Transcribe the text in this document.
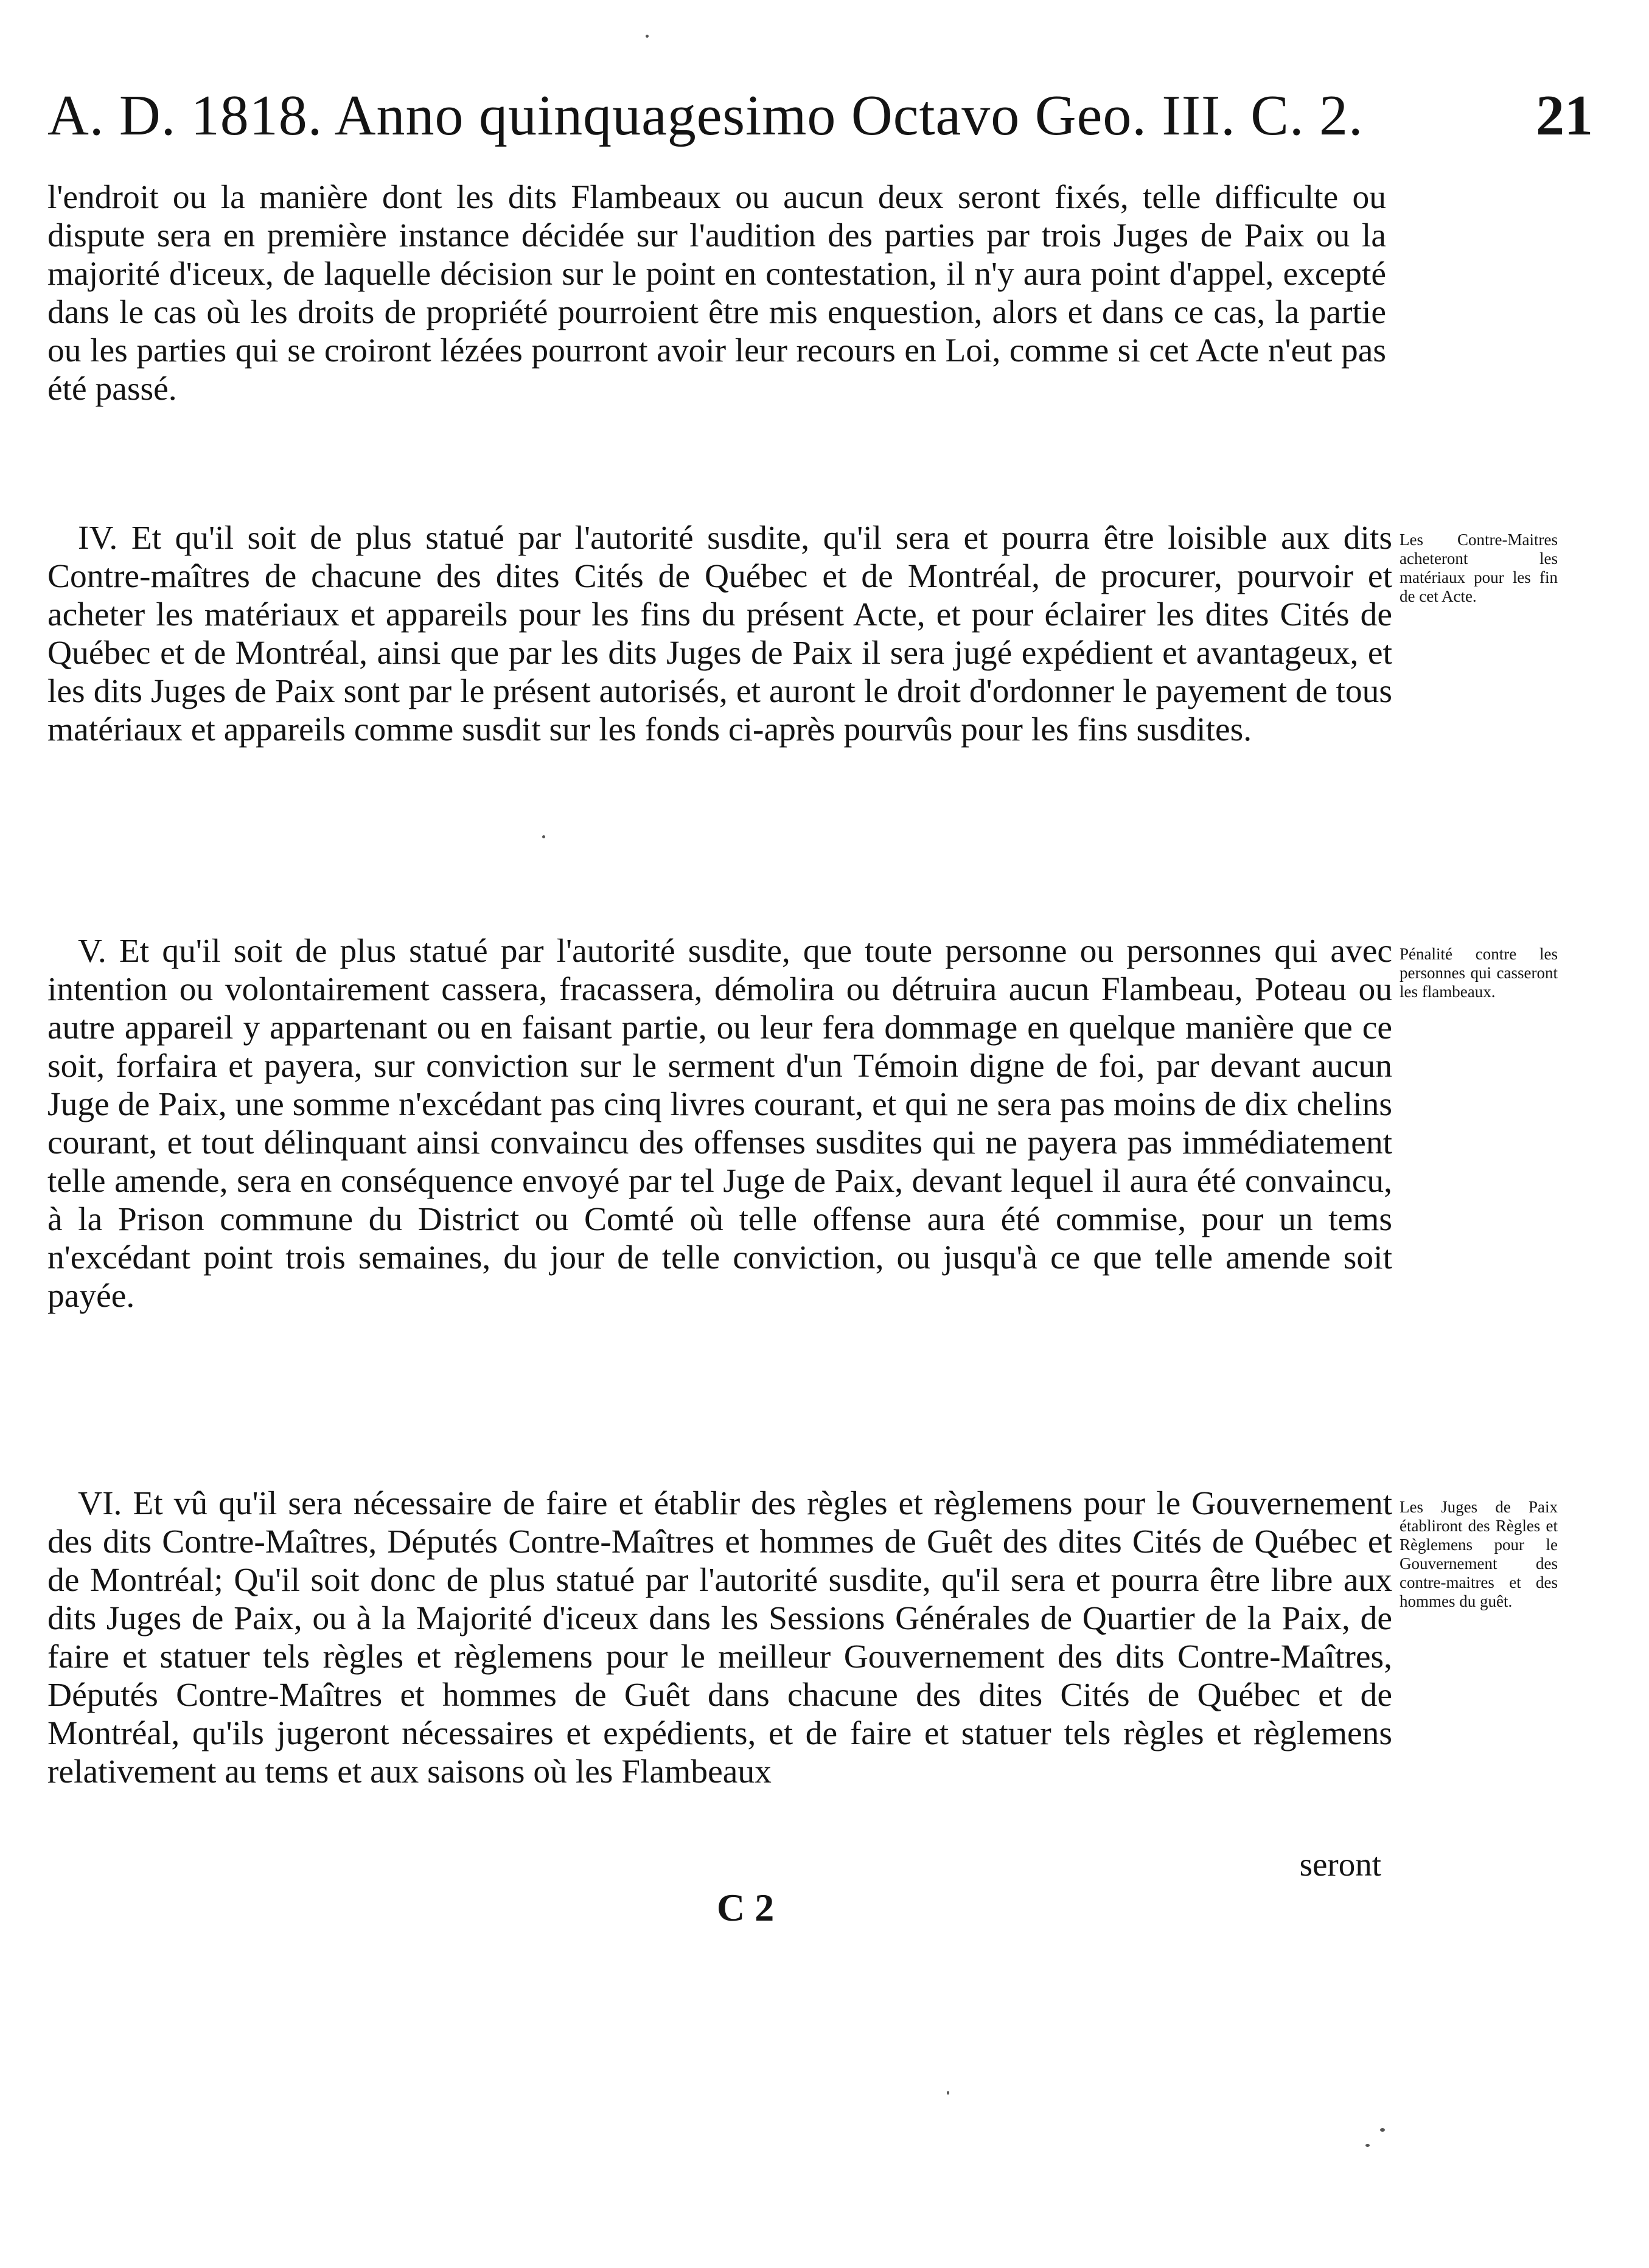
A. D. 1818. Anno quinquagesimo Octavo Geo. III. C. 2.	21
l'endroit ou la manière dont les dits Flambeaux ou aucun deux seront fixés, telle difficulte ou dispute sera en première instance décidée sur l'audition des parties par trois Juges de Paix ou la majorité d'iceux, de laquelle décision sur le point en contestation, il n'y aura point d'appel, excepté dans le cas où les droits de propriété pourroient être mis enquestion, alors et dans ce cas, la partie ou les parties qui se croiront lézées pourront avoir leur recours en Loi, comme si cet Acte n'eut pas été passé.
IV. Et qu'il soit de plus statué par l'autorité susdite, qu'il sera et pourra être loisible aux dits Contre-maîtres de chacune des dites Cités de Québec et de Montréal, de procurer, pourvoir et acheter les matériaux et appareils pour les fins du présent Acte, et pour éclairer les dites Cités de Québec et de Montréal, ainsi que par les dits Juges de Paix il sera jugé expédient et avantageux, et les dits Juges de Paix sont par le présent autorisés, et auront le droit d'ordonner le payement de tous matériaux et appareils comme susdit sur les fonds ci-après pourvûs pour les fins susdites.
Les Contre-Maitres acheteront les matériaux pour les fin de cet Acte.
V. Et qu'il soit de plus statué par l'autorité susdite, que toute personne ou personnes qui avec intention ou volontairement cassera, fracassera, démolira ou détruira aucun Flambeau, Poteau ou autre appareil y appartenant ou en faisant partie, ou leur fera dommage en quelque manière que ce soit, forfaira et payera, sur conviction sur le serment d'un Témoin digne de foi, par devant aucun Juge de Paix, une somme n'excédant pas cinq livres courant, et qui ne sera pas moins de dix chelins courant, et tout délinquant ainsi convaincu des offenses susdites qui ne payera pas immédiatement telle amende, sera en conséquence envoyé par tel Juge de Paix, devant lequel il aura été convaincu, à la Prison commune du District ou Comté où telle offense aura été commise, pour un tems n'excédant point trois semaines, du jour de telle conviction, ou jusqu'à ce que telle amende soit payée.
Pénalité contre les personnes qui casseront les flambeaux.
VI. Et vû qu'il sera nécessaire de faire et établir des règles et règlemens pour le Gouvernement des dits Contre-Maîtres, Députés Contre-Maîtres et hommes de Guêt des dites Cités de Québec et de Montréal; Qu'il soit donc de plus statué par l'autorité susdite, qu'il sera et pourra être libre aux dits Juges de Paix, ou à la Majorité d'iceux dans les Sessions Générales de Quartier de la Paix, de faire et statuer tels règles et règlemens pour le meilleur Gouvernement des dits Contre-Maîtres, Députés Contre-Maîtres et hommes de Guêt dans chacune des dites Cités de Québec et de Montréal, qu'ils jugeront nécessaires et expédients, et de faire et statuer tels règles et règlemens relativement au tems et aux saisons où les Flambeaux
Les Juges de Paix établiront des Règles et Règlemens pour le Gouvernement des contre-maitres et des hommes du guêt.
seront
C 2
